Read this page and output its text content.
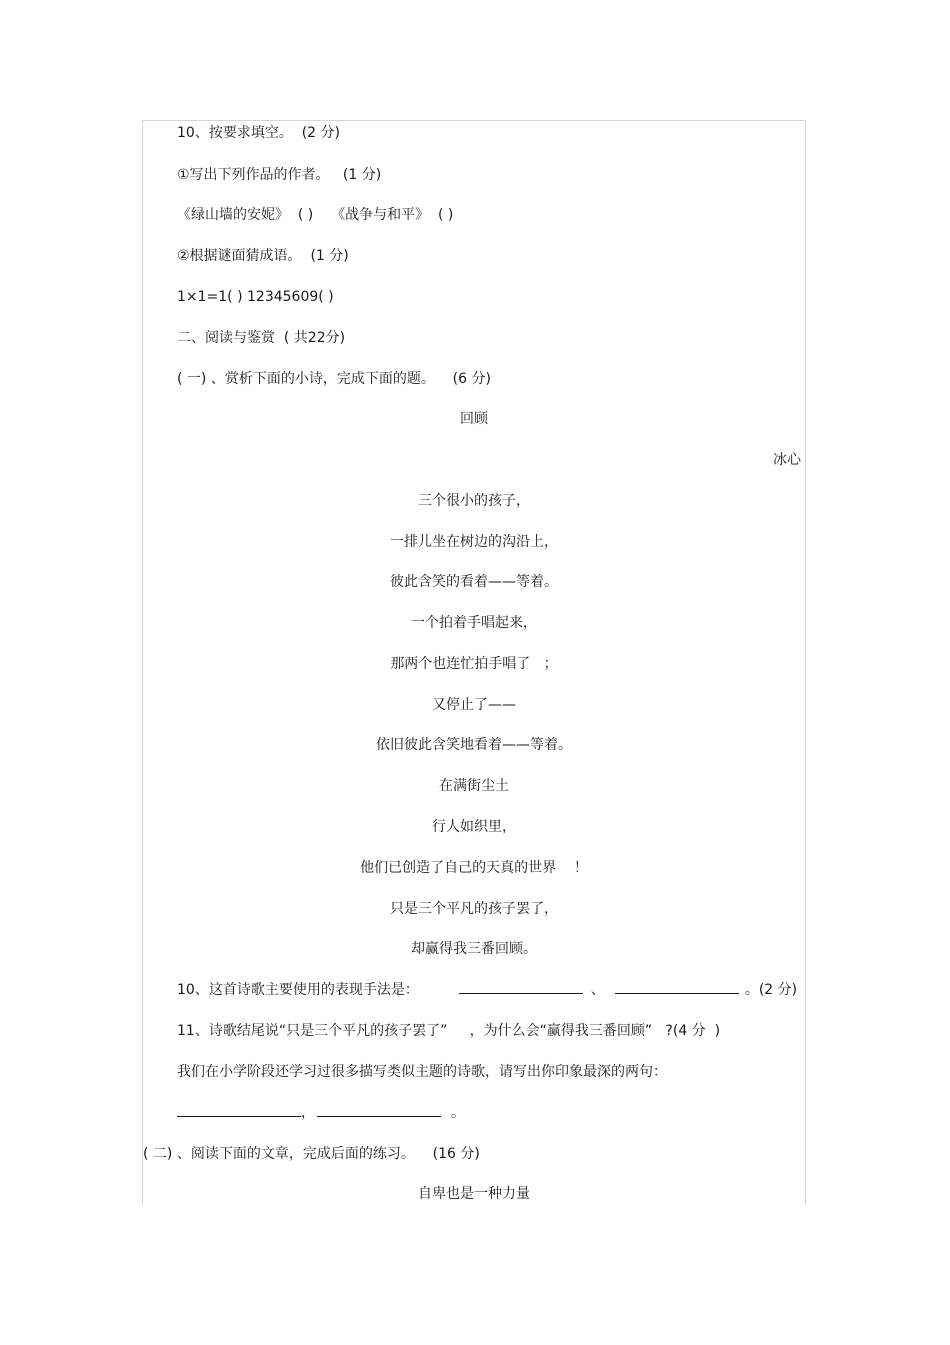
10、按要求填空。  (2 分)
①写出下列作品的作者。   (1 分)
《绿山墙的安妮》  ( )    《战争与和平》  ( )
②根据谜面猜成语。  (1 分)
1×1=1( ) 12345609( )
二、阅读与鉴赏  ( 共22分)
( 一) 、赏析下面的小诗，完成下面的题。    (6 分)
回顾
冰心
三个很小的孩子，
一排儿坐在树边的沟沿上，
彼此含笑的看着——等着。
一个拍着手唱起来，
那两个也连忙拍手唱了   ；
又停止了——
依旧彼此含笑地看着——等着。
在满街尘土
行人如织里，
他们已创造了自己的天真的世界    ！
只是三个平凡的孩子罢了，
却赢得我三番回顾。
10、这首诗歌主要使用的表现手法是：	、	。(2 分)
11、诗歌结尾说“只是三个平凡的孩子罢了”     ，为什么会“赢得我三番回顾”   ?(4 分  )
我们在小学阶段还学习过很多描写类似主题的诗歌，请写出你印象最深的两句：
，	。
( 二) 、阅读下面的文章，完成后面的练习。    (16 分)
自卑也是一种力量
